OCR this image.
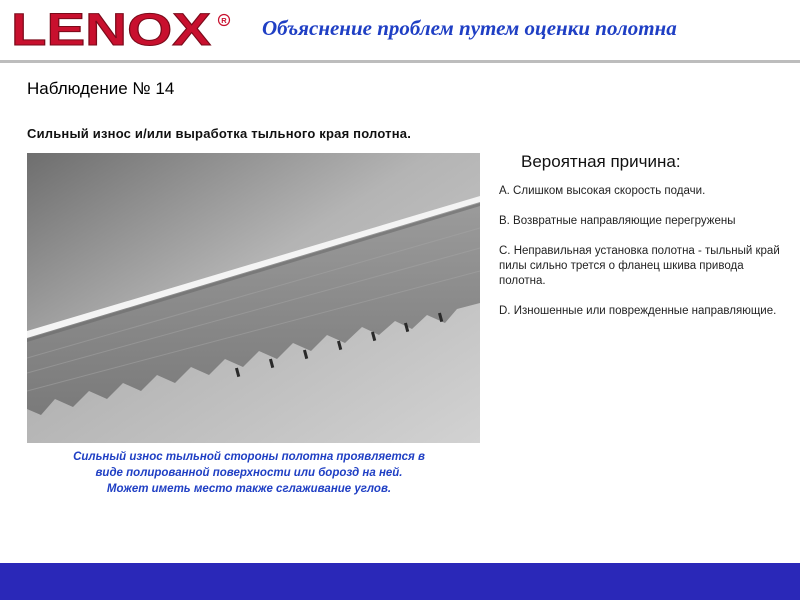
LENOX R Объяснение проблем путем оценки полотна
Наблюдение № 14
Сильный износ и/или выработка тыльного края полотна.
Сильный износ тыльной стороны полотна проявляется в
виде полированной поверхности или борозд на ней.
Может иметь место также сглаживание углов.
Вероятная причина:
A. Слишком высокая скорость подачи.
B. Возвратные направляющие перегружены
C. Неправильная установка полотна - тыльный край пилы сильно трется о фланец шкива привода полотна.
D. Изношенные или поврежденные направляющие.
